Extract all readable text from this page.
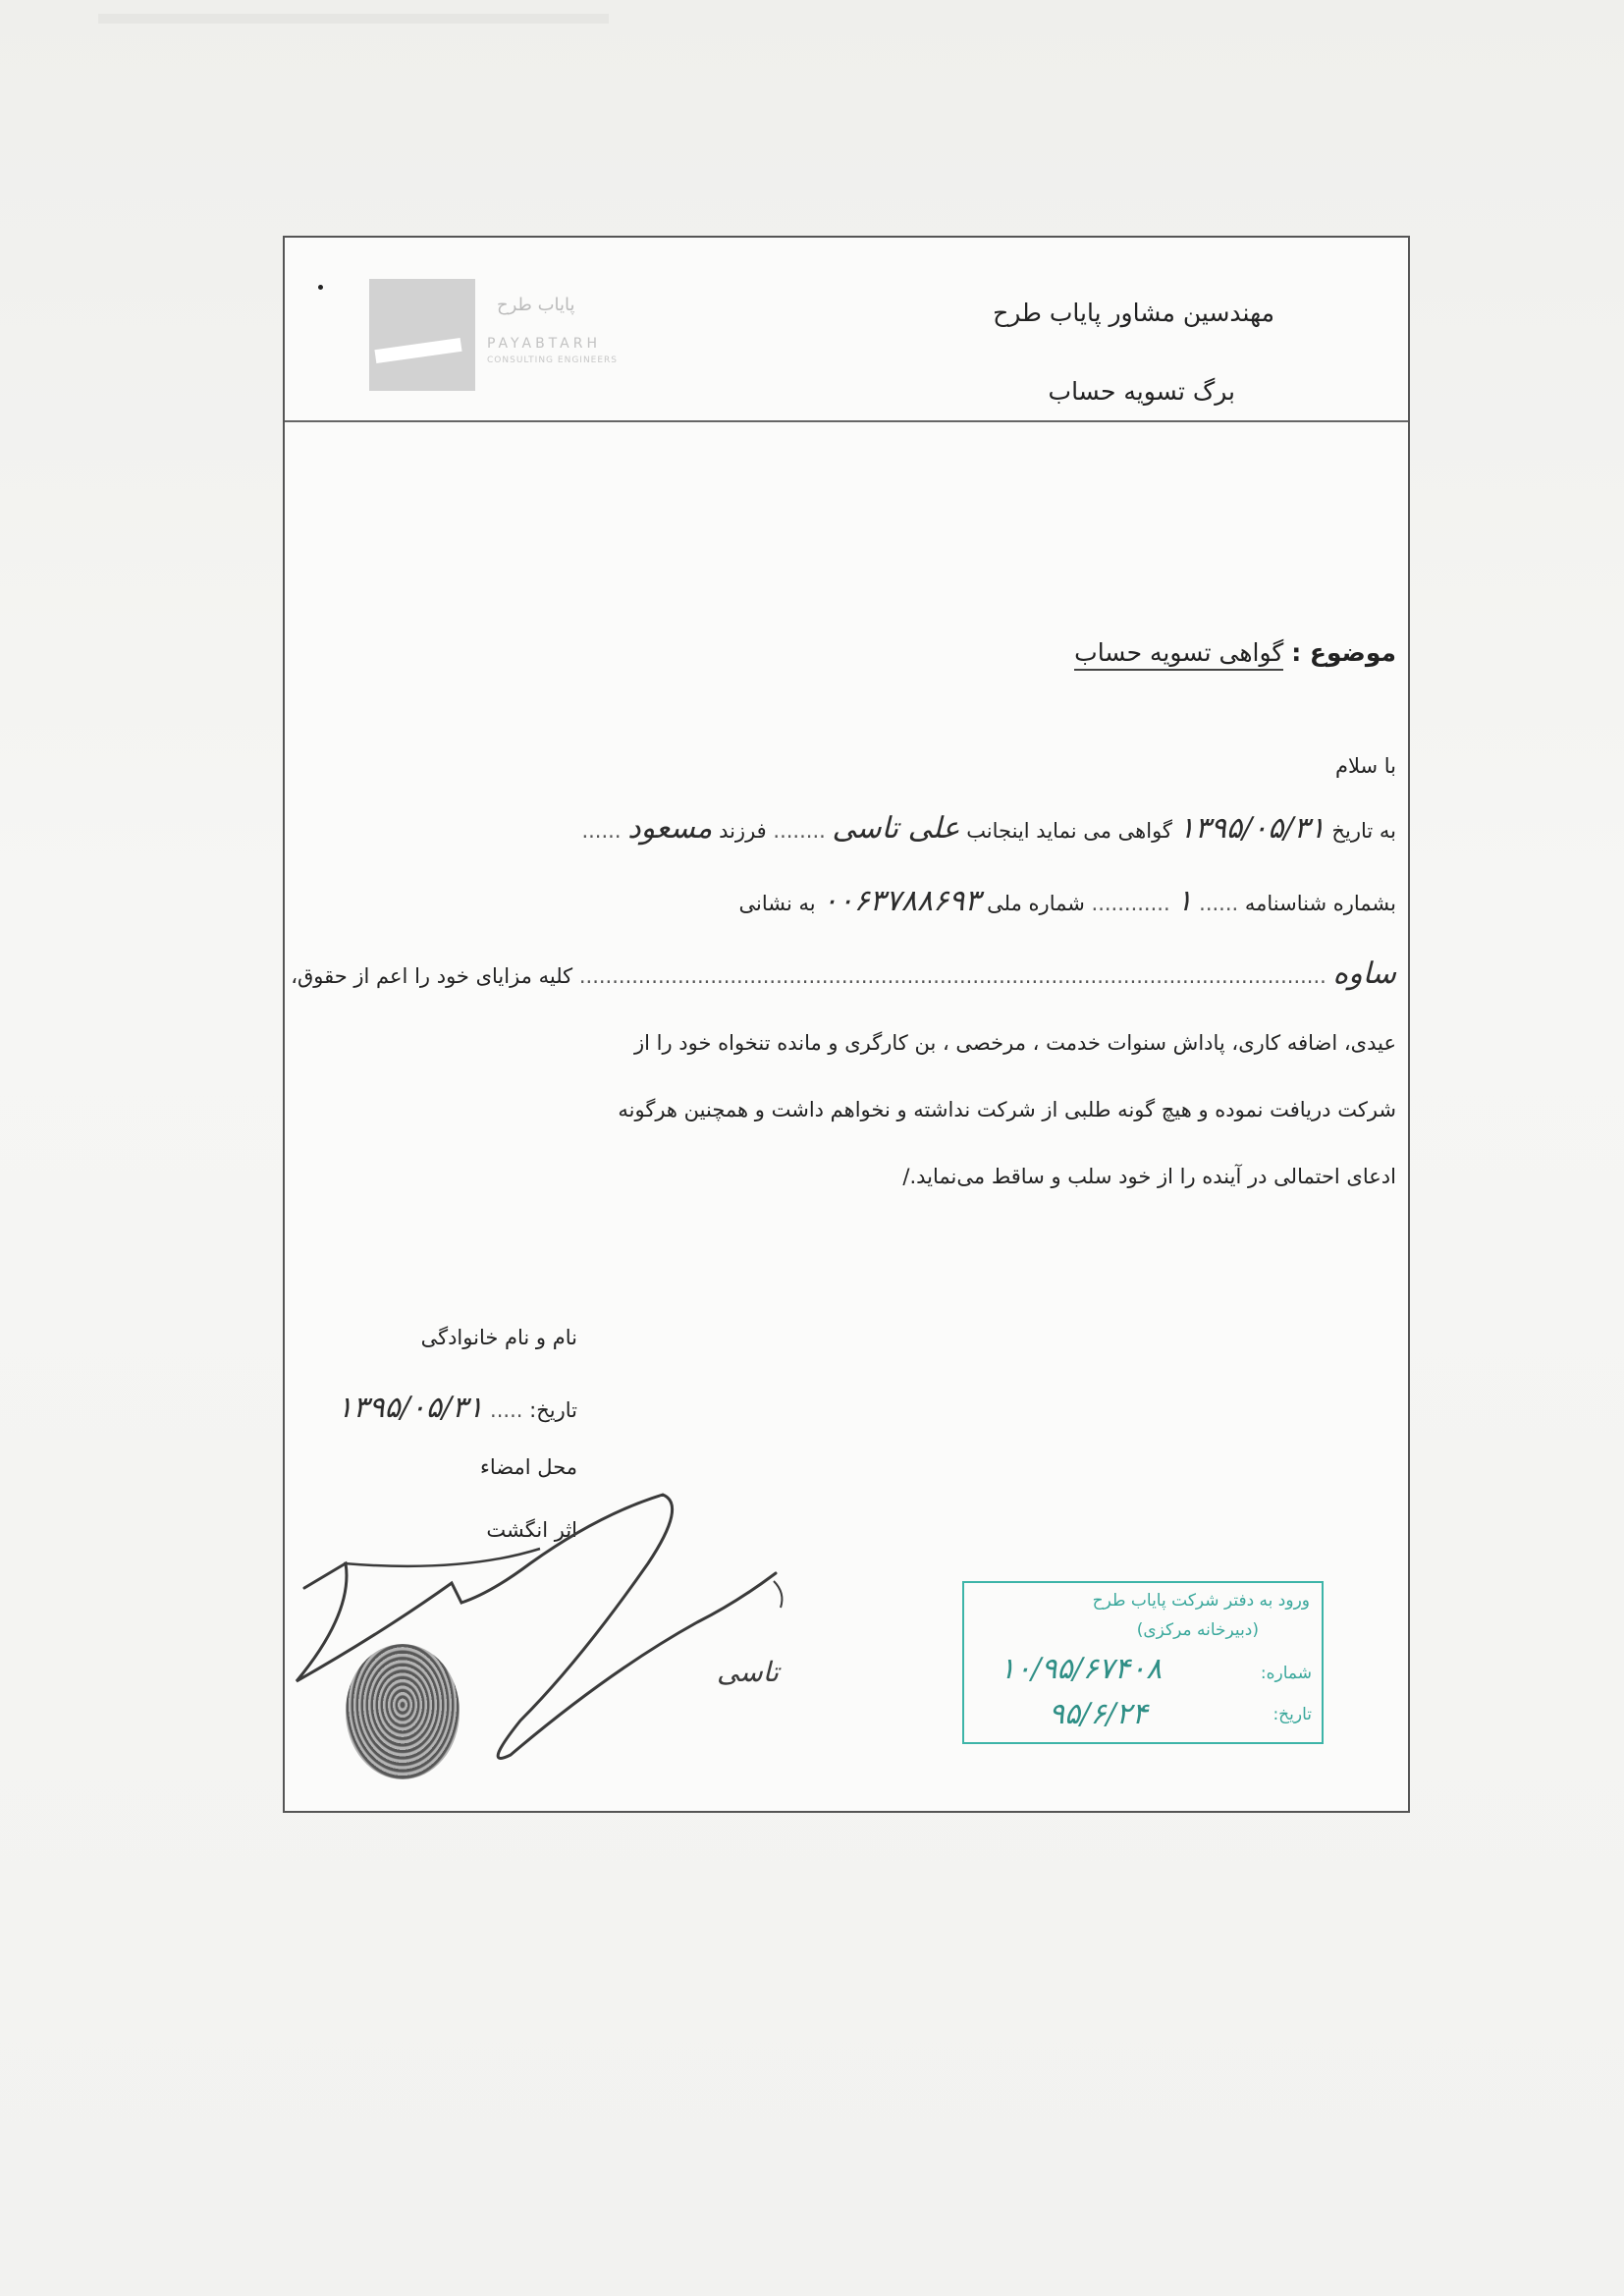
پایاب طرح
PAYABTARH
CONSULTING ENGINEERS
مهندسین مشاور پایاب طرح
برگ تسویه حساب
موضوع : گواهی تسویه حساب
با سلام
به تاریخ ۱۳۹۵/۰۵/۳۱ گواهی می نماید اینجانب علی تاسی ........ فرزند مسعود ......
بشماره شناسنامه ...... ۱ ............ شماره ملی ۰۰۶۳۷۸۸۶۹۳ به نشانی
ساوه .................................................................................................................. کلیه مزایای خود را اعم از حقوق،
عیدی، اضافه کاری، پاداش سنوات خدمت ، مرخصی ، بن کارگری و مانده تنخواه خود را از
شرکت دریافت نموده و هیچ گونه طلبی از شرکت نداشته و نخواهم داشت و همچنین هرگونه
ادعای احتمالی در آینده را از خود سلب و ساقط می‌نماید./
نام و نام خانوادگی
تاریخ: ..... ۱۳۹۵/۰۵/۳۱
محل امضاء
اثر انگشت
تاسی
ورود به دفتر شرکت پایاب طرح
(دبیرخانه مرکزی)
شماره:
۱۰/۹۵/۶۷۴۰۸
تاریخ:
۹۵/۶/۲۴
